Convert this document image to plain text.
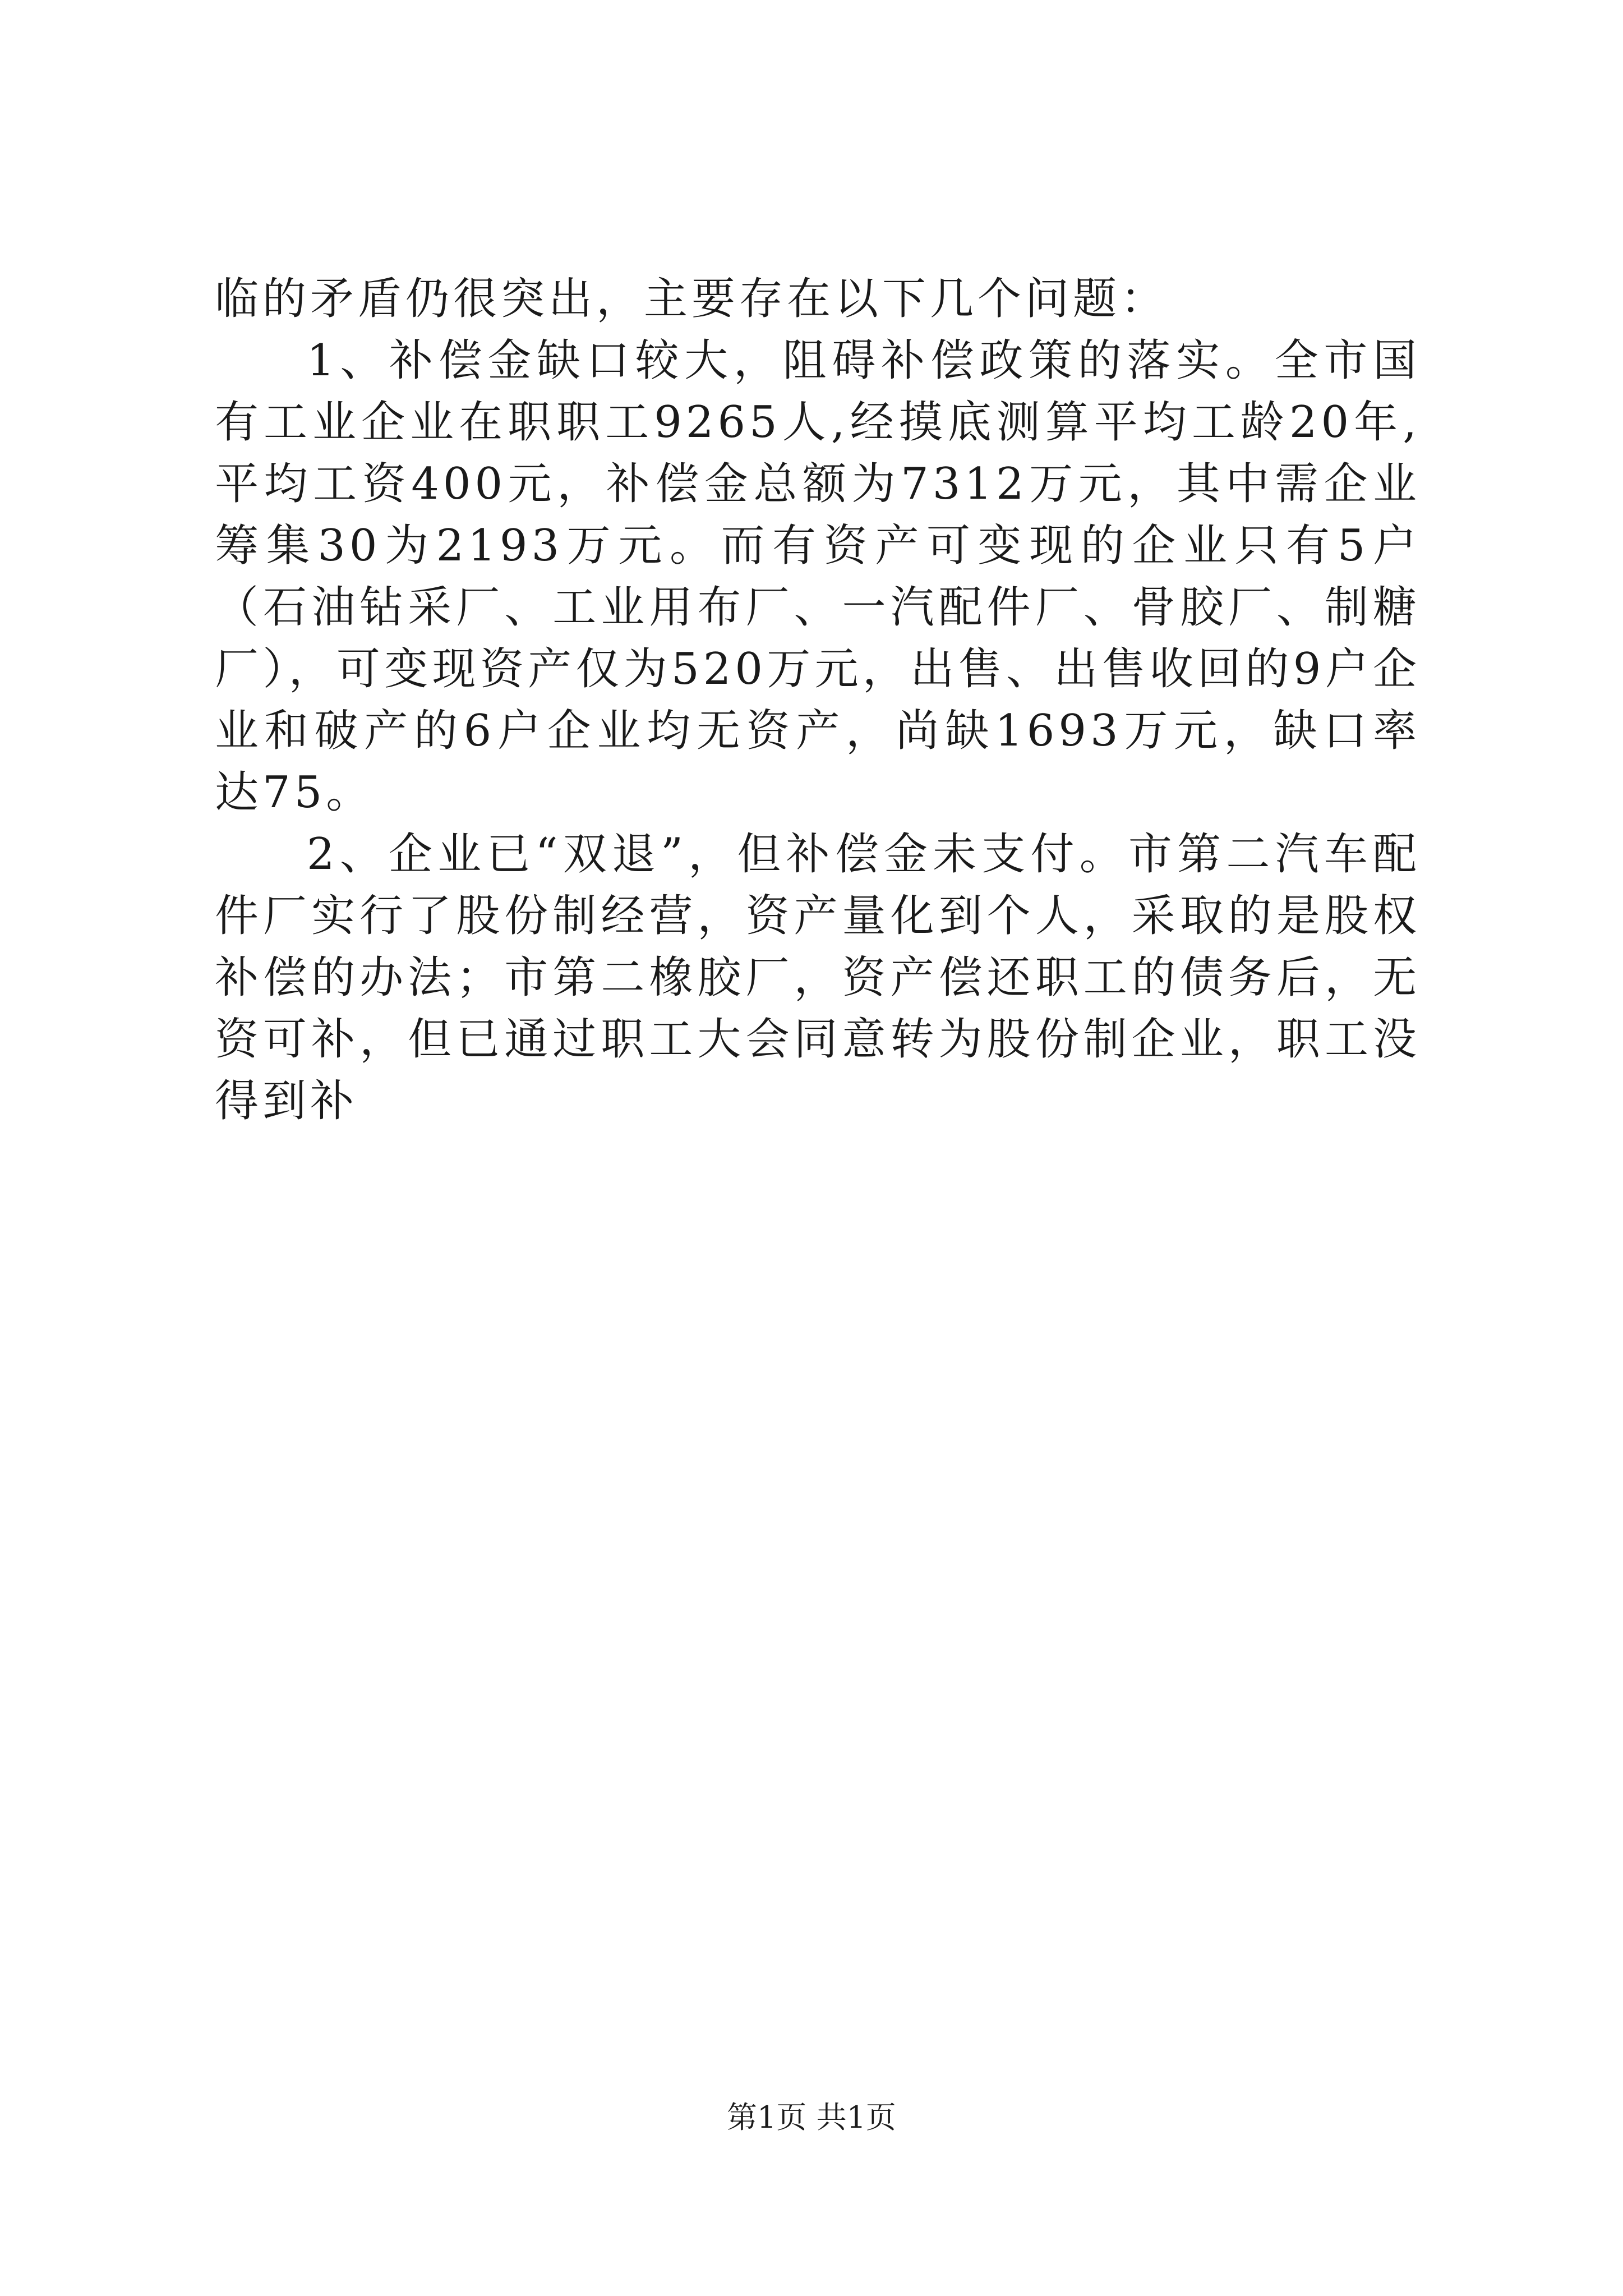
临的矛盾仍很突出，主要存在以下几个问题：

1、补偿金缺口较大，阻碍补偿政策的落实。全市国有工业企业在职职工9265人,经摸底测算平均工龄20年,平均工资400元，补偿金总额为7312万元，其中需企业筹集30为2193万元。而有资产可变现的企业只有5户（石油钻采厂、工业用布厂、一汽配件厂、骨胶厂、制糖厂），可变现资产仅为520万元，出售、出售收回的9户企业和破产的6户企业均无资产，尚缺1693万元，缺口率达75。

2、企业已“双退”，但补偿金未支付。市第二汽车配件厂实行了股份制经营，资产量化到个人，采取的是股权补偿的办法；市第二橡胶厂，资产偿还职工的债务后，无资可补，但已通过职工大会同意转为股份制企业，职工没得到补

第1页 共1页
